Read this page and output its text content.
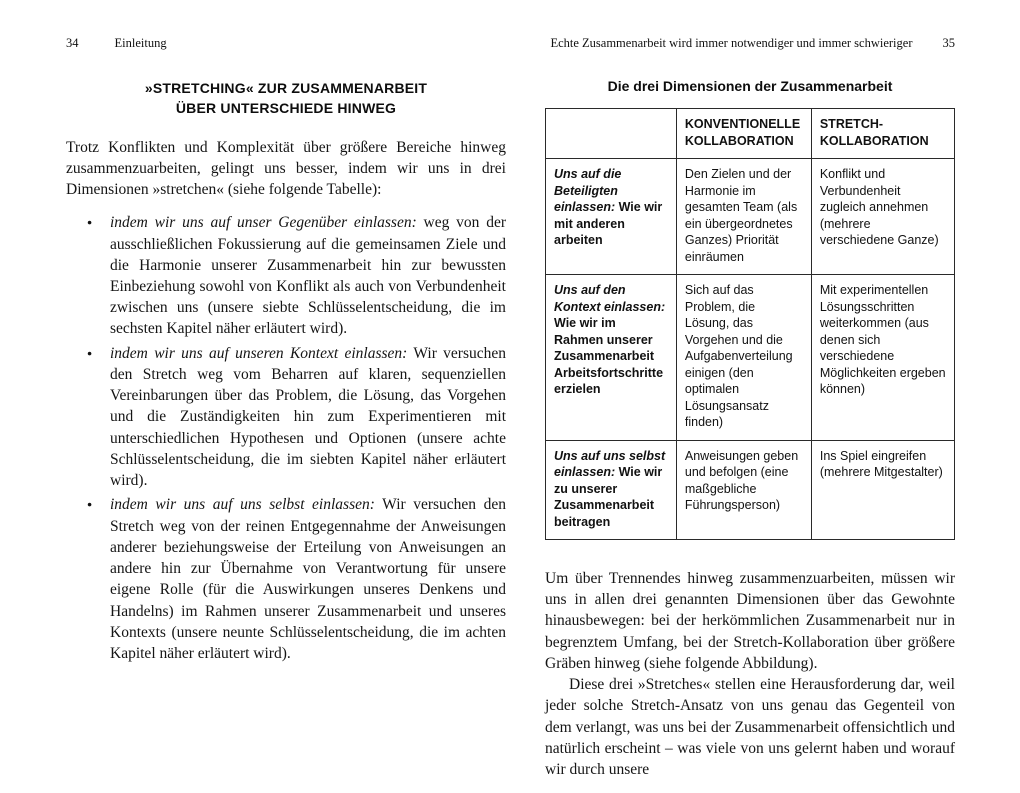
34	Einleitung	Echte Zusammenarbeit wird immer notwendiger und immer schwieriger 35
»STRETCHING« ZUR ZUSAMMENARBEIT
ÜBER UNTERSCHIEDE HINWEG

Trotz Konflikten und Komplexität über größere Bereiche hinweg zusammenzuarbeiten, gelingt uns besser, indem wir uns in drei Dimensionen »stretchen« (siehe folgende Tabelle):

● indem wir uns auf unser Gegenüber einlassen: weg von der ausschließlichen Fokussierung auf die gemeinsamen Ziele und die Harmonie unserer Zusammenarbeit hin zur bewussten Einbeziehung sowohl von Konflikt als auch von Verbundenheit zwischen uns (unsere siebte Schlüsselentscheidung, die im sechsten Kapitel näher erläutert wird).
● indem wir uns auf unseren Kontext einlassen: Wir versuchen den Stretch weg vom Beharren auf klaren, sequenziellen Vereinbarungen über das Problem, die Lösung, das Vorgehen und die Zuständigkeiten hin zum Experimentieren mit unterschiedlichen Hypothesen und Optionen (unsere achte Schlüsselentscheidung, die im siebten Kapitel näher erläutert wird).
● indem wir uns auf uns selbst einlassen: Wir versuchen den Stretch weg von der reinen Entgegennahme der Anweisungen anderer beziehungsweise der Erteilung von Anweisungen an andere hin zur Übernahme von Verantwortung für unsere eigene Rolle (für die Auswirkungen unseres Denkens und Handelns) im Rahmen unserer Zusammenarbeit und unseres Kontexts (unsere neunte Schlüsselentscheidung, die im achten Kapitel näher erläutert wird).
Die drei Dimensionen der Zusammenarbeit
	KONVENTIONELLE KOLLABORATION	STRETCH-KOLLABORATION
Uns auf die Beteiligten einlassen: Wie wir mit anderen arbeiten	Den Zielen und der Harmonie im gesamten Team (als ein übergeordnetes Ganzes) Priorität einräumen	Konflikt und Verbundenheit zugleich annehmen (mehrere verschiedene Ganze)
Uns auf den Kontext einlassen: Wie wir im Rahmen unserer Zusammenarbeit Arbeitsfortschritte erzielen	Sich auf das Problem, die Lösung, das Vorgehen und die Aufgabenverteilung einigen (den optimalen Lösungsansatz finden)	Mit experimentellen Lösungsschritten weiterkommen (aus denen sich verschiedene Möglichkeiten ergeben können)
Uns auf uns selbst einlassen: Wie wir zu unserer Zusammenarbeit beitragen	Anweisungen geben und befolgen (eine maßgebliche Führungsperson)	Ins Spiel eingreifen (mehrere Mitgestalter)

Um über Trennendes hinweg zusammenzuarbeiten, müssen wir uns in allen drei genannten Dimensionen über das Gewohnte hinausbewegen: bei der herkömmlichen Zusammenarbeit nur in begrenztem Umfang, bei der Stretch-Kollaboration über größere Gräben hinweg (siehe folgende Abbildung).

Diese drei »Stretches« stellen eine Herausforderung dar, weil jeder solche Stretch-Ansatz von uns genau das Gegenteil von dem verlangt, was uns bei der Zusammenarbeit offensichtlich und natürlich erscheint – was viele von uns gelernt haben und worauf wir durch unsere
